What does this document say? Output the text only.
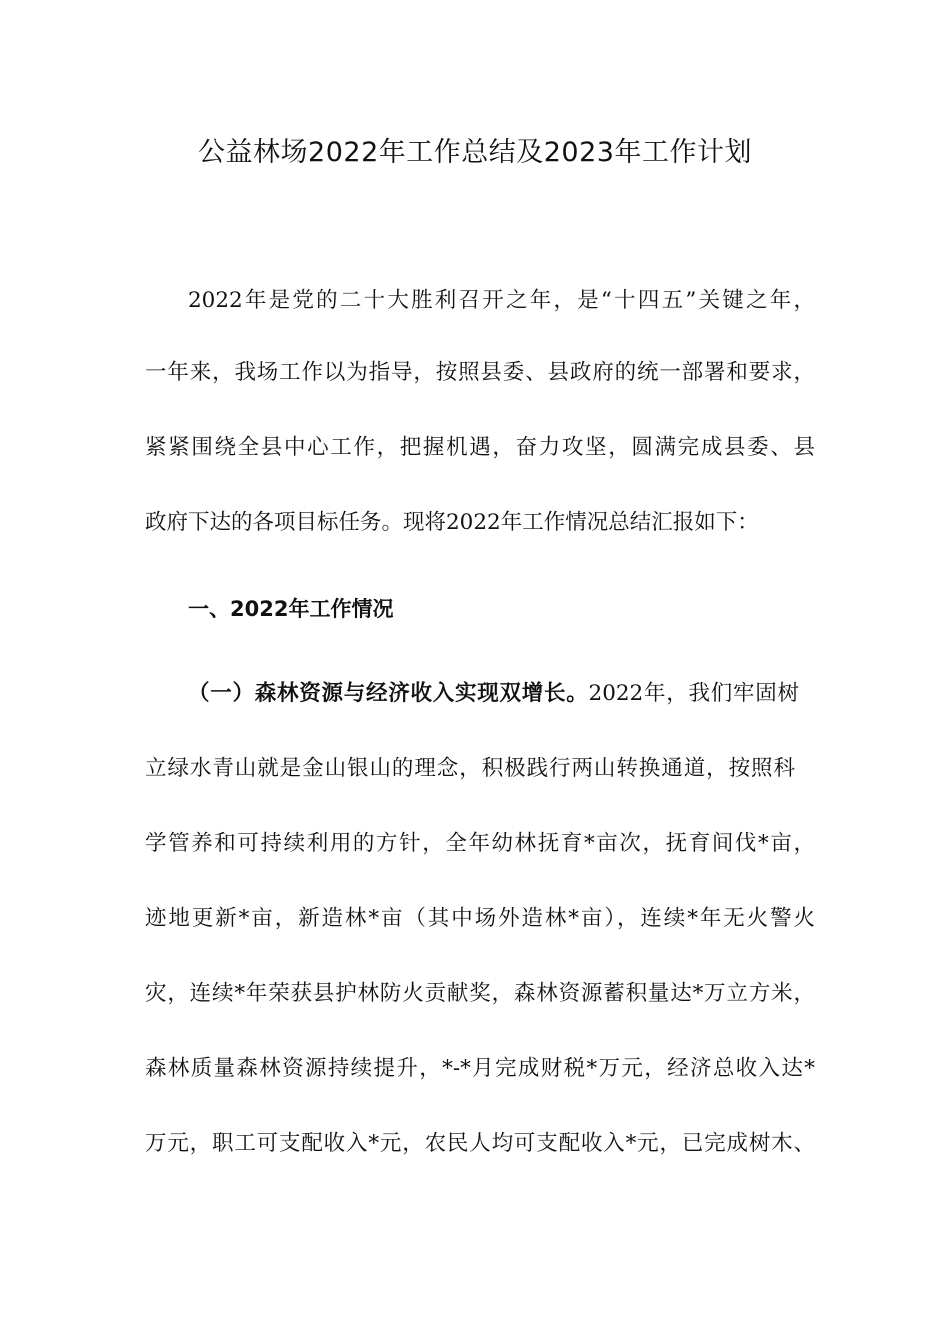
公益林场2022年工作总结及2023年工作计划
2022年是党的二十大胜利召开之年，是“十四五”关键之年，
一年来，我场工作以为指导，按照县委、县政府的统一部署和要求，
紧紧围绕全县中心工作，把握机遇，奋力攻坚，圆满完成县委、县
政府下达的各项目标任务。现将2022年工作情况总结汇报如下：
一、2022年工作情况
（一）森林资源与经济收入实现双增长。2022年，我们牢固树
立绿水青山就是金山银山的理念，积极践行两山转换通道，按照科
学管养和可持续利用的方针，全年幼林抚育*亩次，抚育间伐*亩，
迹地更新*亩，新造林*亩（其中场外造林*亩），连续*年无火警火
灾，连续*年荣获县护林防火贡献奖，森林资源蓄积量达*万立方米，
森林质量森林资源持续提升，*-*月完成财税*万元，经济总收入达*
万元，职工可支配收入*元，农民人均可支配收入*元，已完成树木、
